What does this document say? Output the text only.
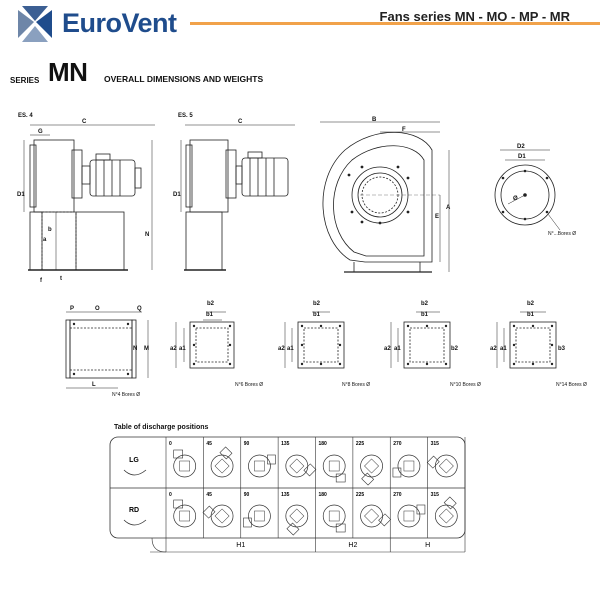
EuroVent	Fans series MN - MO - MP - MR
SERIES MN OVERALL DIMENSIONS AND WEIGHTS
ES. 4	ES. 5
C	C
G
D1	D1
N
a
b
t
f
B
F
E
A
D2
D1
Ø
N°...Bores Ø
P	O	Q
N M
L
N°4 Bores Ø
b2
b1
a2 a1
N°6 Bores Ø
b2
b1
a2 a1
N°8 Bores Ø
b2
b1
a2 a1	b2
N°10 Bores Ø
b2
b1
a2 a1	b3
N°14 Bores Ø
Table of discharge positions
LG
0	45	90	135	180	225	270	315
RD
0	45	90	135	180	225	270	315
H1	H2	H
